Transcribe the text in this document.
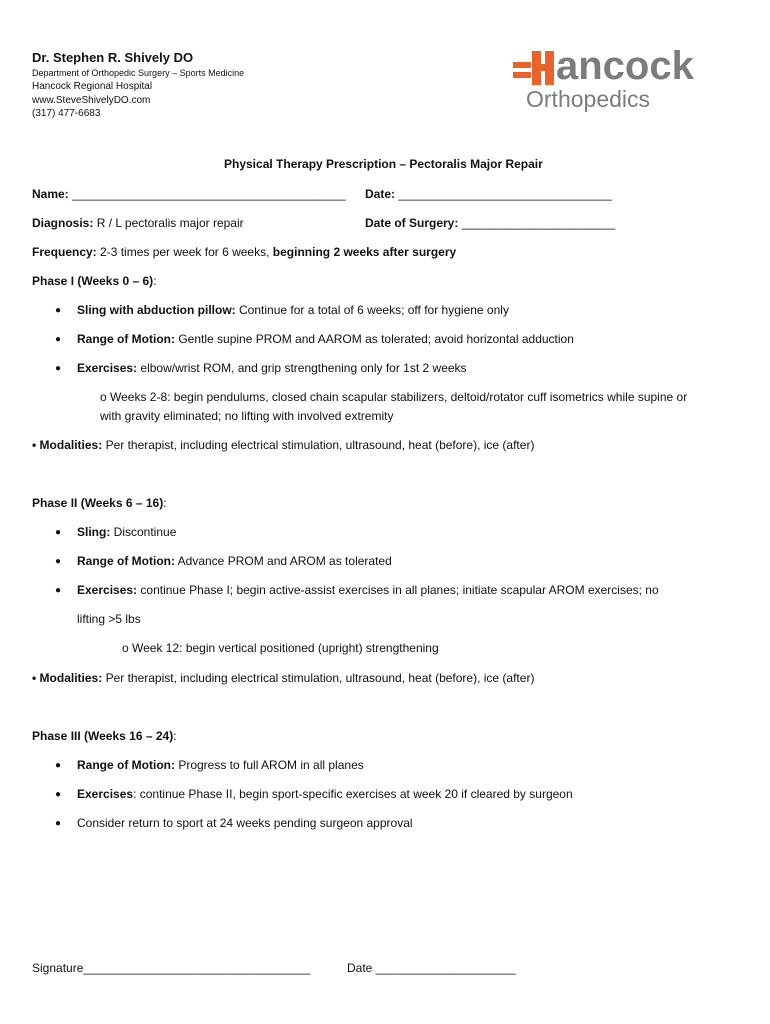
Dr. Stephen R. Shively DO
Department of Orthopedic Surgery – Sports Medicine
Hancock Regional Hospital
www.SteveShivelyDO.com
(317) 477-6683
ancock
Orthopedics
Physical Therapy Prescription – Pectoralis Major Repair
Name: _________________________________________ Date: ________________________________
Diagnosis: R / L pectoralis major repair	Date of Surgery: _______________________
Frequency: 2-3 times per week for 6 weeks, beginning 2 weeks after surgery
Phase I (Weeks 0 – 6):
● Sling with abduction pillow: Continue for a total of 6 weeks; off for hygiene only
● Range of Motion: Gentle supine PROM and AAROM as tolerated; avoid horizontal adduction
● Exercises: elbow/wrist ROM, and grip strengthening only for 1st 2 weeks
o Weeks 2-8: begin pendulums, closed chain scapular stabilizers, deltoid/rotator cuff isometrics while supine or
with gravity eliminated; no lifting with involved extremity
• Modalities: Per therapist, including electrical stimulation, ultrasound, heat (before), ice (after)
Phase II (Weeks 6 – 16):
● Sling: Discontinue
● Range of Motion: Advance PROM and AROM as tolerated
● Exercises: continue Phase I; begin active-assist exercises in all planes; initiate scapular AROM exercises; no
lifting >5 lbs
o Week 12: begin vertical positioned (upright) strengthening
• Modalities: Per therapist, including electrical stimulation, ultrasound, heat (before), ice (after)
Phase III (Weeks 16 – 24):
● Range of Motion: Progress to full AROM in all planes
● Exercises: continue Phase II, begin sport-specific exercises at week 20 if cleared by surgeon
● Consider return to sport at 24 weeks pending surgeon approval
Signature__________________________________	Date _____________________
